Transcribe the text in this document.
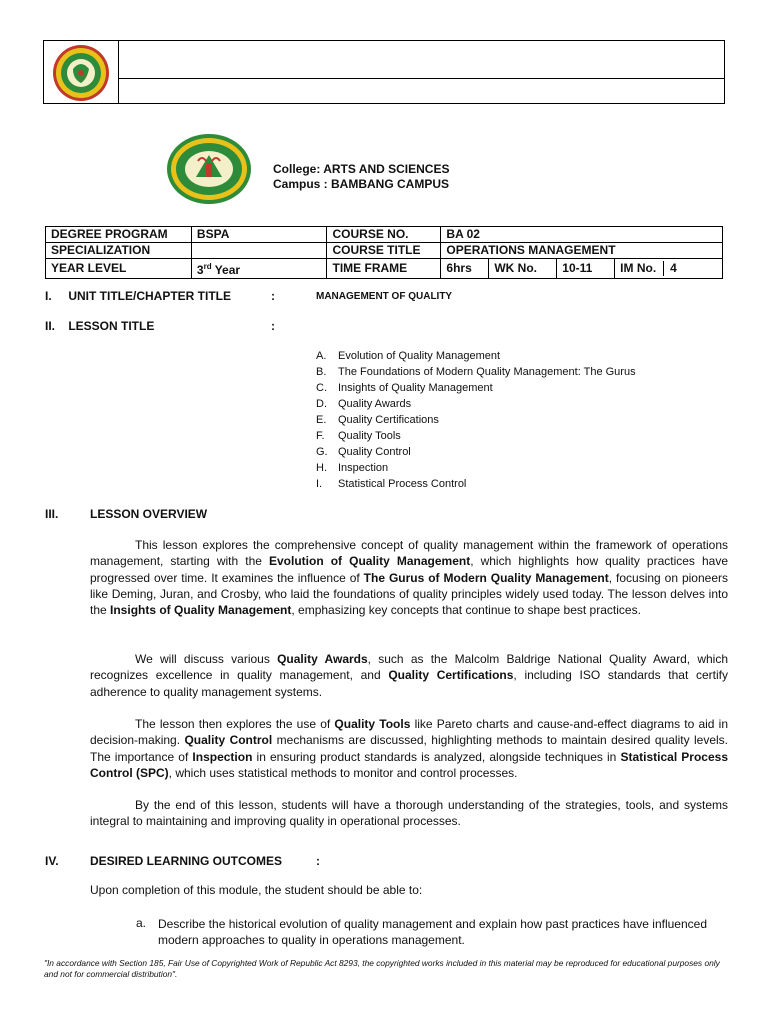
College: ARTS AND SCIENCES
Campus : BAMBANG CAMPUS
DEGREE PROGRAM	BSPA	COURSE NO.	BA 02			
SPECIALIZATION		COURSE TITLE	OPERATIONS MANAGEMENT			
YEAR LEVEL	3rd Year	TIME FRAME	6hrs	WK No.	10-11	IM No. 4
I.     UNIT TITLE/CHAPTER TITLE	:	MANAGEMENT OF QUALITY
II.    LESSON TITLE	:
A. Evolution of Quality Management
B. The Foundations of Modern Quality Management: The Gurus
C. Insights of Quality Management
D. Quality Awards
E. Quality Certifications
F. Quality Tools
G. Quality Control
H. Inspection
I. Statistical Process Control
III.	LESSON OVERVIEW
This lesson explores the comprehensive concept of quality management within the framework of operations management, starting with the Evolution of Quality Management, which highlights how quality practices have progressed over time. It examines the influence of The Gurus of Modern Quality Management, focusing on pioneers like Deming, Juran, and Crosby, who laid the foundations of quality principles widely used today. The lesson delves into the Insights of Quality Management, emphasizing key concepts that continue to shape best practices.
We will discuss various Quality Awards, such as the Malcolm Baldrige National Quality Award, which recognizes excellence in quality management, and Quality Certifications, including ISO standards that certify adherence to quality management systems.
The lesson then explores the use of Quality Tools like Pareto charts and cause-and-effect diagrams to aid in decision-making. Quality Control mechanisms are discussed, highlighting methods to maintain desired quality levels. The importance of Inspection in ensuring product standards is analyzed, alongside techniques in Statistical Process Control (SPC), which uses statistical methods to monitor and control processes.
By the end of this lesson, students will have a thorough understanding of the strategies, tools, and systems integral to maintaining and improving quality in operational processes.
IV.	DESIRED LEARNING OUTCOMES	:
Upon completion of this module, the student should be able to:
a. Describe the historical evolution of quality management and explain how past practices have influenced modern approaches to quality in operations management.
"In accordance with Section 185, Fair Use of Copyrighted Work of Republic Act 8293, the copyrighted works included in this material may be reproduced for educational purposes only and not for commercial distribution".
